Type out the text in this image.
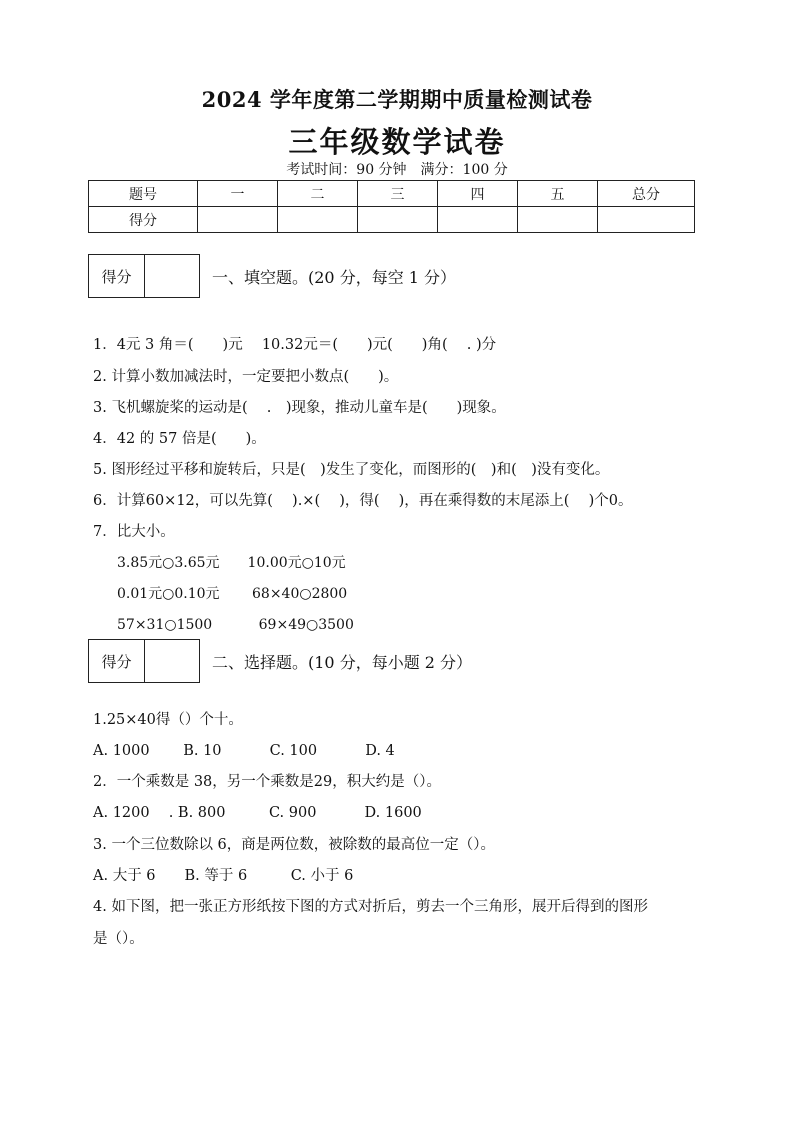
2024 学年度第二学期期中质量检测试卷
三年级数学试卷
考试时间：90 分钟　满分：100 分
题号	一	二	三	四	五	总分
得分						
得分	一、填空题。(20 分，每空 1 分）
1．4元 3 角＝(　　)元　 10.32元＝(　　)元(　　)角(　 . )分
2. 计算小数加减法时，一定要把小数点(　　)。
3. 飞机螺旋桨的运动是(　 .　)现象，推动儿童车是(　　)现象。
4．42 的 57 倍是(　　)。
5. 图形经过平移和旋转后，只是(　)发生了变化，而图形的(　)和(　)没有变化。
6．计算60×12，可以先算(　 ).×(　 )，得(　 )，再在乘得数的末尾添上(　 )个0。
7．比大小。
3.85元○3.65元　　10.00元○10元
0.01元○0.10元　　 68×40○2800
57×31○1500　　　 69×49○3500
得分	二、选择题。(10 分，每小题 2 分）
1.25×40得（）个十。
A. 1000　　 B. 10　　　 C. 100　　　 D. 4
2．一个乘数是 38，另一个乘数是29，积大约是（）。
A. 1200　 . B. 800　　　C. 900　　　 D. 1600
3. 一个三位数除以 6，商是两位数，被除数的最高位一定（）。
A. 大于 6　　B. 等于 6　　　C. 小于 6
4. 如下图，把一张正方形纸按下图的方式对折后，剪去一个三角形，展开后得到的图形
是（）。
